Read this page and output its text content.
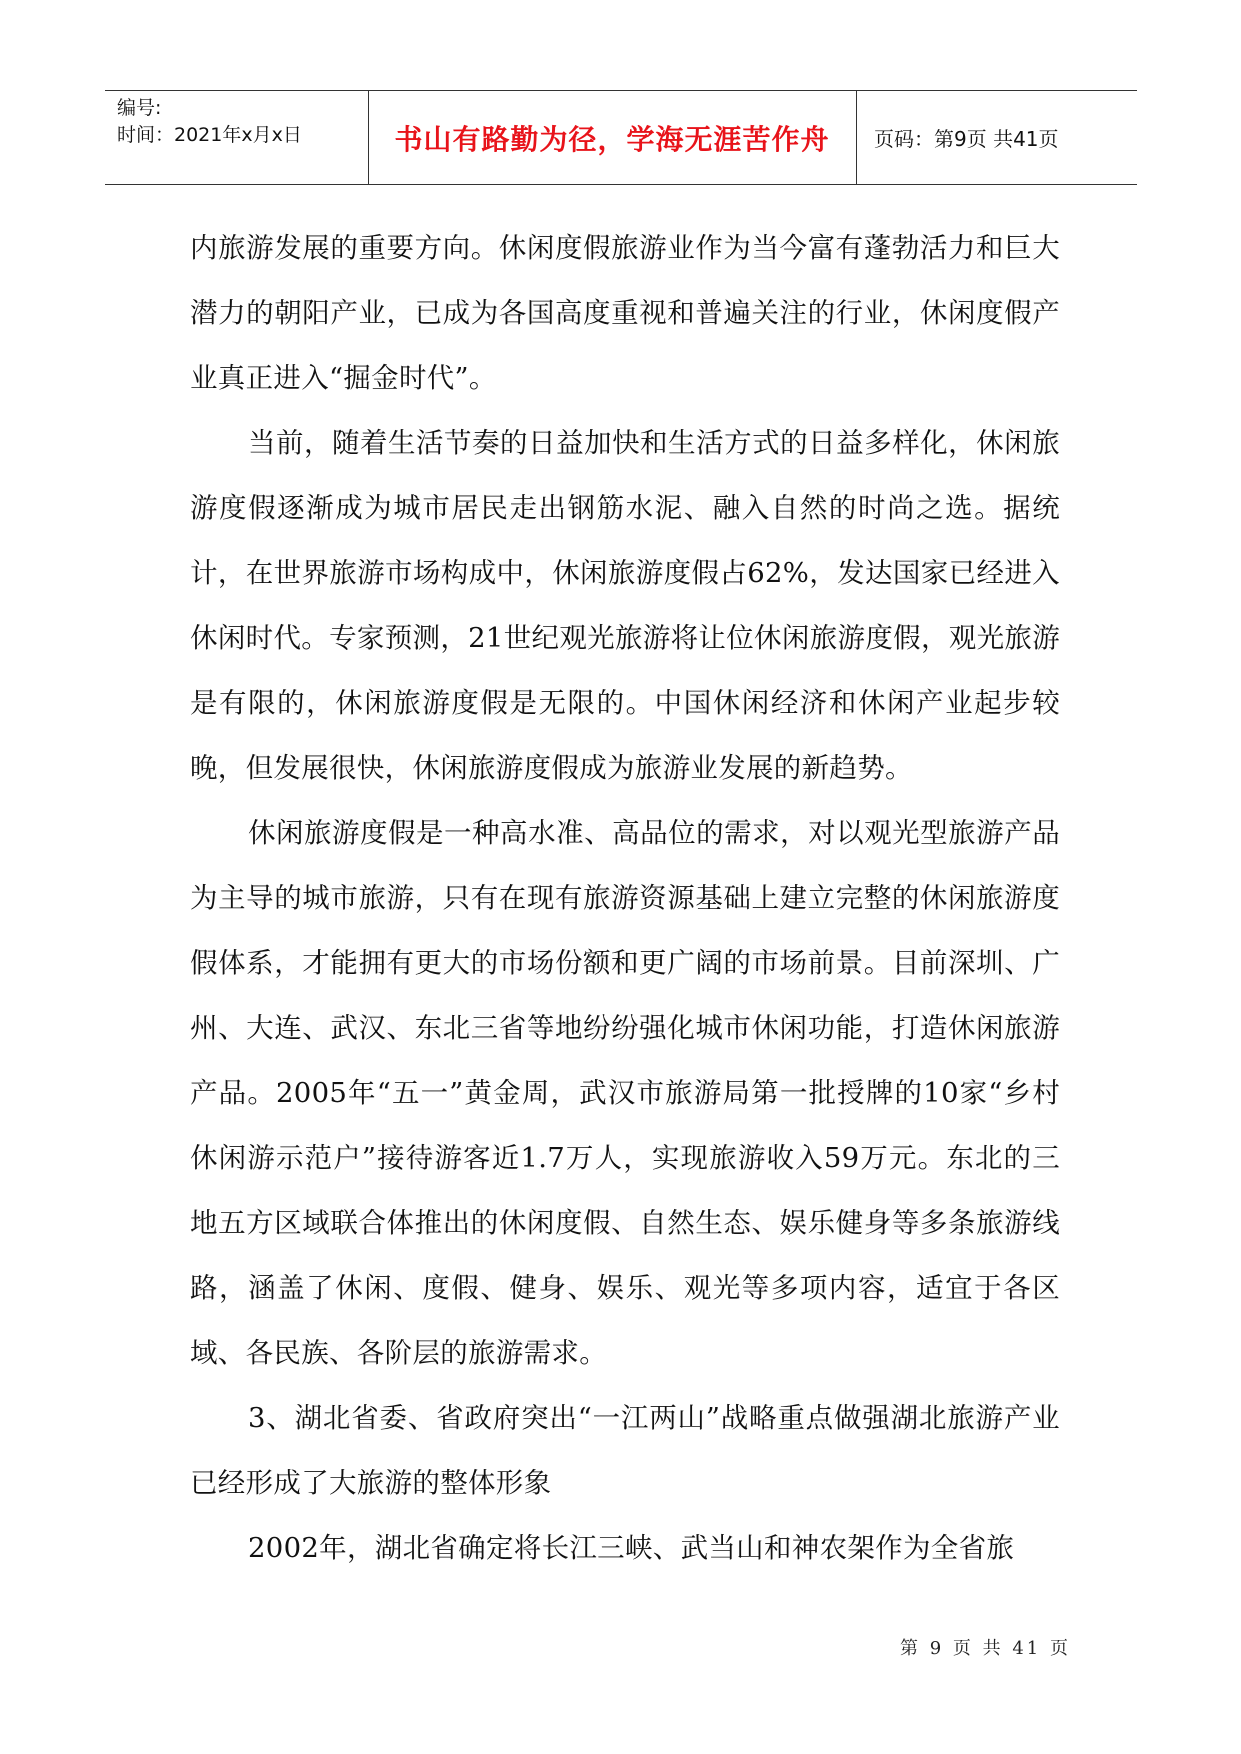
编号:
时间：2021年x月x日	书山有路勤为径，学海无涯苦作舟	页码：第9页 共41页

内旅游发展的重要方向。休闲度假旅游业作为当今富有蓬勃活力和巨大潜力的朝阳产业，已成为各国高度重视和普遍关注的行业，休闲度假产业真正进入“掘金时代”。

当前，随着生活节奏的日益加快和生活方式的日益多样化，休闲旅游度假逐渐成为城市居民走出钢筋水泥、融入自然的时尚之选。据统计，在世界旅游市场构成中，休闲旅游度假占62%，发达国家已经进入休闲时代。专家预测，21世纪观光旅游将让位休闲旅游度假，观光旅游是有限的，休闲旅游度假是无限的。中国休闲经济和休闲产业起步较晚，但发展很快，休闲旅游度假成为旅游业发展的新趋势。

休闲旅游度假是一种高水准、高品位的需求，对以观光型旅游产品为主导的城市旅游，只有在现有旅游资源基础上建立完整的休闲旅游度假体系，才能拥有更大的市场份额和更广阔的市场前景。目前深圳、广州、大连、武汉、东北三省等地纷纷强化城市休闲功能，打造休闲旅游产品。2005年“五一”黄金周，武汉市旅游局第一批授牌的10家“乡村休闲游示范户”接待游客近1.7万人，实现旅游收入59万元。东北的三地五方区域联合体推出的休闲度假、自然生态、娱乐健身等多条旅游线路，涵盖了休闲、度假、健身、娱乐、观光等多项内容，适宜于各区域、各民族、各阶层的旅游需求。

3、湖北省委、省政府突出“一江两山”战略重点做强湖北旅游产业已经形成了大旅游的整体形象

2002年，湖北省确定将长江三峡、武当山和神农架作为全省旅

第 9 页 共 41 页
